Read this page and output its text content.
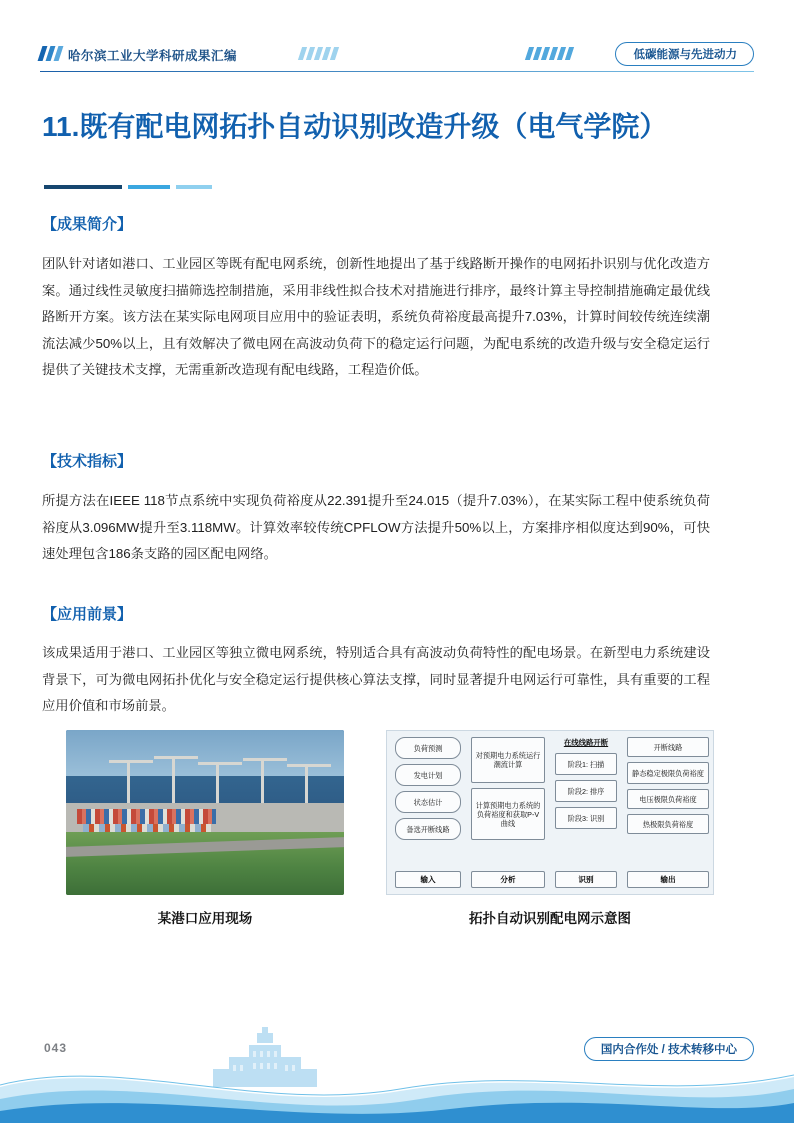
哈尔滨工业大学科研成果汇编	低碳能源与先进动力
11.既有配电网拓扑自动识别改造升级（电气学院）
【成果简介】
团队针对诸如港口、工业园区等既有配电网系统，创新性地提出了基于线路断开操作的电网拓扑识别与优化改造方案。通过线性灵敏度扫描筛选控制措施，采用非线性拟合技术对措施进行排序，最终计算主导控制措施确定最优线路断开方案。该方法在某实际电网项目应用中的验证表明，系统负荷裕度最高提升7.03%，计算时间较传统连续潮流法减少50%以上，且有效解决了微电网在高波动负荷下的稳定运行问题，为配电系统的改造升级与安全稳定运行提供了关键技术支撑，无需重新改造现有配电线路，工程造价低。
【技术指标】
所提方法在IEEE 118节点系统中实现负荷裕度从22.391提升至24.015（提升7.03%），在某实际工程中使系统负荷裕度从3.096MW提升至3.118MW。计算效率较传统CPFLOW方法提升50%以上，方案排序相似度达到90%，可快速处理包含186条支路的园区配电网络。
【应用前景】
该成果适用于港口、工业园区等独立微电网系统，特别适合具有高波动负荷特性的配电场景。在新型电力系统建设背景下，可为微电网拓扑优化与安全稳定运行提供核心算法支撑，同时显著提升电网运行可靠性，具有重要的工程应用价值和市场前景。
某港口应用现场
负荷预测
发电计划
状态估计
备选开断线路
对预期电力系统运行潮流计算
计算预期电力系统的负荷裕度和获取P-V曲线
在线线路开断
阶段1: 扫描
阶段2: 排序
阶段3: 识别
开断线路
静态稳定极限负荷裕度
电压极限负荷裕度
热极限负荷裕度
输入	分析	识别	输出
拓扑自动识别配电网示意图
043	国内合作处 / 技术转移中心
